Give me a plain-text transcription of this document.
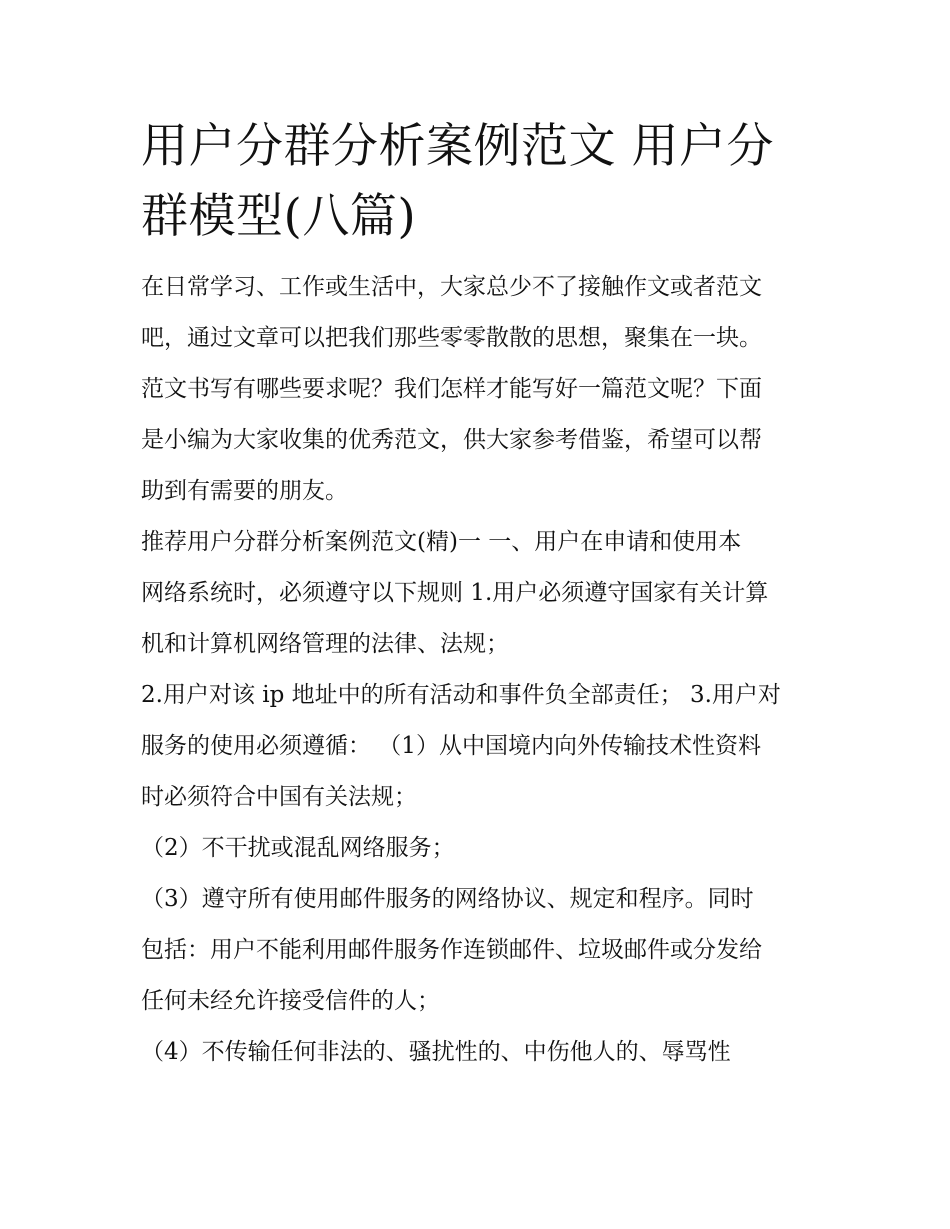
用户分群分析案例范文 用户分
群模型(八篇)
在日常学习、工作或生活中，大家总少不了接触作文或者范文
吧，通过文章可以把我们那些零零散散的思想，聚集在一块。
范文书写有哪些要求呢？我们怎样才能写好一篇范文呢？下面
是小编为大家收集的优秀范文，供大家参考借鉴，希望可以帮
助到有需要的朋友。
推荐用户分群分析案例范文(精)一 一、用户在申请和使用本
网络系统时，必须遵守以下规则 1.用户必须遵守国家有关计算
机和计算机网络管理的法律、法规；
2.用户对该 ip 地址中的所有活动和事件负全部责任； 3.用户对
服务的使用必须遵循： （1）从中国境内向外传输技术性资料
时必须符合中国有关法规；
（2）不干扰或混乱网络服务；
（3）遵守所有使用邮件服务的网络协议、规定和程序。同时
包括：用户不能利用邮件服务作连锁邮件、垃圾邮件或分发给
任何未经允许接受信件的人；
（4）不传输任何非法的、骚扰性的、中伤他人的、辱骂性
